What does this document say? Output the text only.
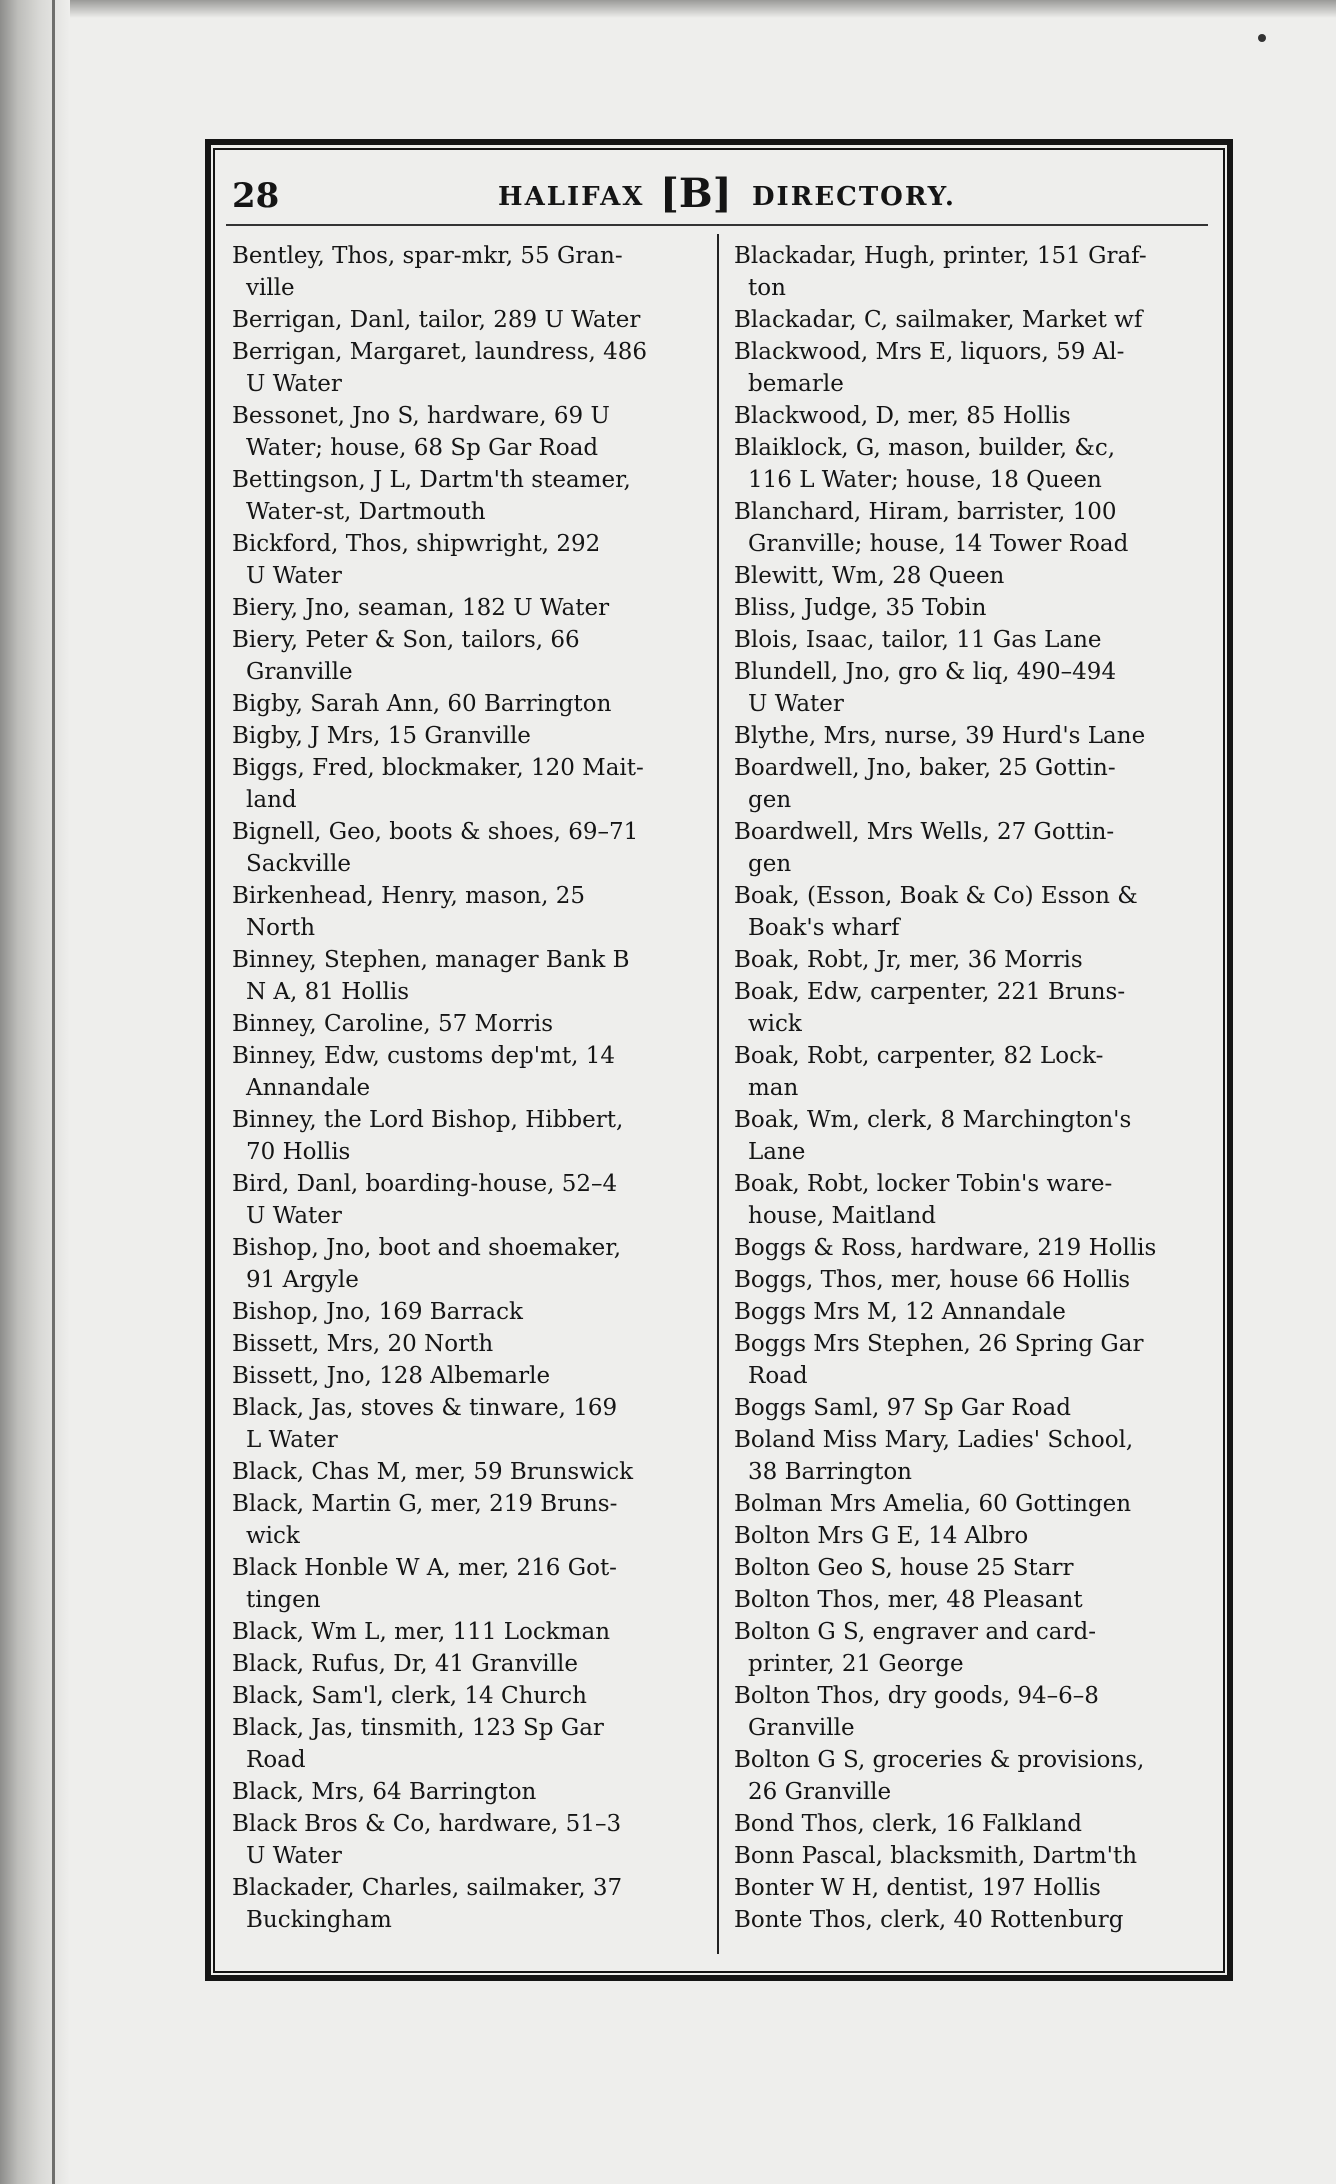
28	HALIFAX [B] DIRECTORY.
Bentley, Thos, spar-mkr, 55 Gran-
ville
Berrigan, Danl, tailor, 289 U Water
Berrigan, Margaret, laundress, 486
U Water
Bessonet, Jno S, hardware, 69 U
Water; house, 68 Sp Gar Road
Bettingson, J L, Dartm'th steamer,
Water-st, Dartmouth
Bickford, Thos, shipwright, 292
U Water
Biery, Jno, seaman, 182 U Water
Biery, Peter & Son, tailors, 66
Granville
Bigby, Sarah Ann, 60 Barrington
Bigby, J Mrs, 15 Granville
Biggs, Fred, blockmaker, 120 Mait-
land
Bignell, Geo, boots & shoes, 69–71
Sackville
Birkenhead, Henry, mason, 25
North
Binney, Stephen, manager Bank B
N A, 81 Hollis
Binney, Caroline, 57 Morris
Binney, Edw, customs dep'mt, 14
Annandale
Binney, the Lord Bishop, Hibbert,
70 Hollis
Bird, Danl, boarding-house, 52–4
U Water
Bishop, Jno, boot and shoemaker,
91 Argyle
Bishop, Jno, 169 Barrack
Bissett, Mrs, 20 North
Bissett, Jno, 128 Albemarle
Black, Jas, stoves & tinware, 169
L Water
Black, Chas M, mer, 59 Brunswick
Black, Martin G, mer, 219 Bruns-
wick
Black Honble W A, mer, 216 Got-
tingen
Black, Wm L, mer, 111 Lockman
Black, Rufus, Dr, 41 Granville
Black, Sam'l, clerk, 14 Church
Black, Jas, tinsmith, 123 Sp Gar
Road
Black, Mrs, 64 Barrington
Black Bros & Co, hardware, 51–3
U Water
Blackader, Charles, sailmaker, 37
Buckingham
Blackadar, Hugh, printer, 151 Graf-
ton
Blackadar, C, sailmaker, Market wf
Blackwood, Mrs E, liquors, 59 Al-
bemarle
Blackwood, D, mer, 85 Hollis
Blaiklock, G, mason, builder, &c,
116 L Water; house, 18 Queen
Blanchard, Hiram, barrister, 100
Granville; house, 14 Tower Road
Blewitt, Wm, 28 Queen
Bliss, Judge, 35 Tobin
Blois, Isaac, tailor, 11 Gas Lane
Blundell, Jno, gro & liq, 490–494
U Water
Blythe, Mrs, nurse, 39 Hurd's Lane
Boardwell, Jno, baker, 25 Gottin-
gen
Boardwell, Mrs Wells, 27 Gottin-
gen
Boak, (Esson, Boak & Co) Esson &
Boak's wharf
Boak, Robt, Jr, mer, 36 Morris
Boak, Edw, carpenter, 221 Bruns-
wick
Boak, Robt, carpenter, 82 Lock-
man
Boak, Wm, clerk, 8 Marchington's
Lane
Boak, Robt, locker Tobin's ware-
house, Maitland
Boggs & Ross, hardware, 219 Hollis
Boggs, Thos, mer, house 66 Hollis
Boggs Mrs M, 12 Annandale
Boggs Mrs Stephen, 26 Spring Gar
Road
Boggs Saml, 97 Sp Gar Road
Boland Miss Mary, Ladies' School,
38 Barrington
Bolman Mrs Amelia, 60 Gottingen
Bolton Mrs G E, 14 Albro
Bolton Geo S, house 25 Starr
Bolton Thos, mer, 48 Pleasant
Bolton G S, engraver and card-
printer, 21 George
Bolton Thos, dry goods, 94–6–8
Granville
Bolton G S, groceries & provisions,
26 Granville
Bond Thos, clerk, 16 Falkland
Bonn Pascal, blacksmith, Dartm'th
Bonter W H, dentist, 197 Hollis
Bonte Thos, clerk, 40 Rottenburg
